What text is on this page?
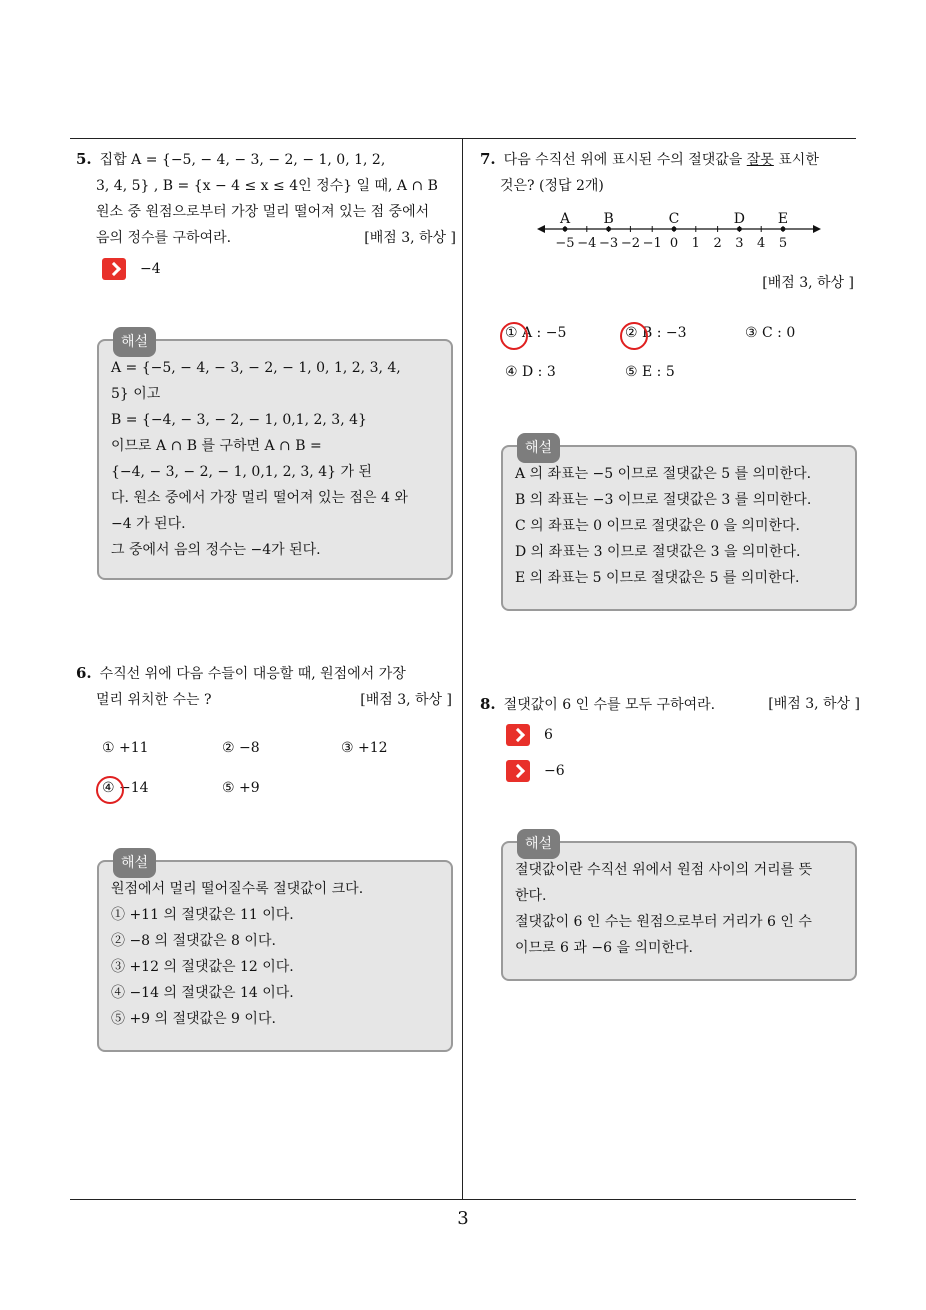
5. 집합 A = {−5, − 4, − 3, − 2, − 1, 0, 1, 2,
3, 4, 5} , B = {x − 4 ≤ x ≤ 4인 정수} 일 때, A ∩ B
원소 중 원점으로부터 가장 멀리 떨어져 있는 점 중에서
음의 정수를 구하여라.	[배점 3, 하상 ]
−4
해설
A = {−5, − 4, − 3, − 2, − 1, 0, 1, 2, 3, 4,
5} 이고
B = {−4, − 3, − 2, − 1, 0,1, 2, 3, 4}
이므로 A ∩ B 를 구하면 A ∩ B =
{−4, − 3, − 2, − 1, 0,1, 2, 3, 4} 가 된
다. 원소 중에서 가장 멀리 떨어져 있는 점은 4 와
−4 가 된다.
그 중에서 음의 정수는 −4가 된다.
6. 수직선 위에 다음 수들이 대응할 때, 원점에서 가장
멀리 위치한 수는 ?	[배점 3, 하상 ]
① +11	② −8	③ +12
④ −14	⑤ +9
해설
원점에서 멀리 떨어질수록 절댓값이 크다.
① +11 의 절댓값은 11 이다.
② −8 의 절댓값은 8 이다.
③ +12 의 절댓값은 12 이다.
④ −14 의 절댓값은 14 이다.
⑤ +9 의 절댓값은 9 이다.
7. 다음 수직선 위에 표시된 수의 절댓값을 잘못 표시한
것은? (정답 2개)
−5 −4 −3 −2 −1 0 1 2 3 4 5
A B	C	D E
[배점 3, 하상 ]
① A : −5	② B : −3	③ C : 0
④ D : 3	⑤ E : 5
해설
A 의 좌표는 −5 이므로 절댓값은 5 를 의미한다.
B 의 좌표는 −3 이므로 절댓값은 3 를 의미한다.
C 의 좌표는 0 이므로 절댓값은 0 을 의미한다.
D 의 좌표는 3 이므로 절댓값은 3 을 의미한다.
E 의 좌표는 5 이므로 절댓값은 5 를 의미한다.
8. 절댓값이 6 인 수를 모두 구하여라.	[배점 3, 하상 ]
6
−6
해설
절댓값이란 수직선 위에서 원점 사이의 거리를 뜻
한다.
절댓값이 6 인 수는 원점으로부터 거리가 6 인 수
이므로 6 과 −6 을 의미한다.
3
